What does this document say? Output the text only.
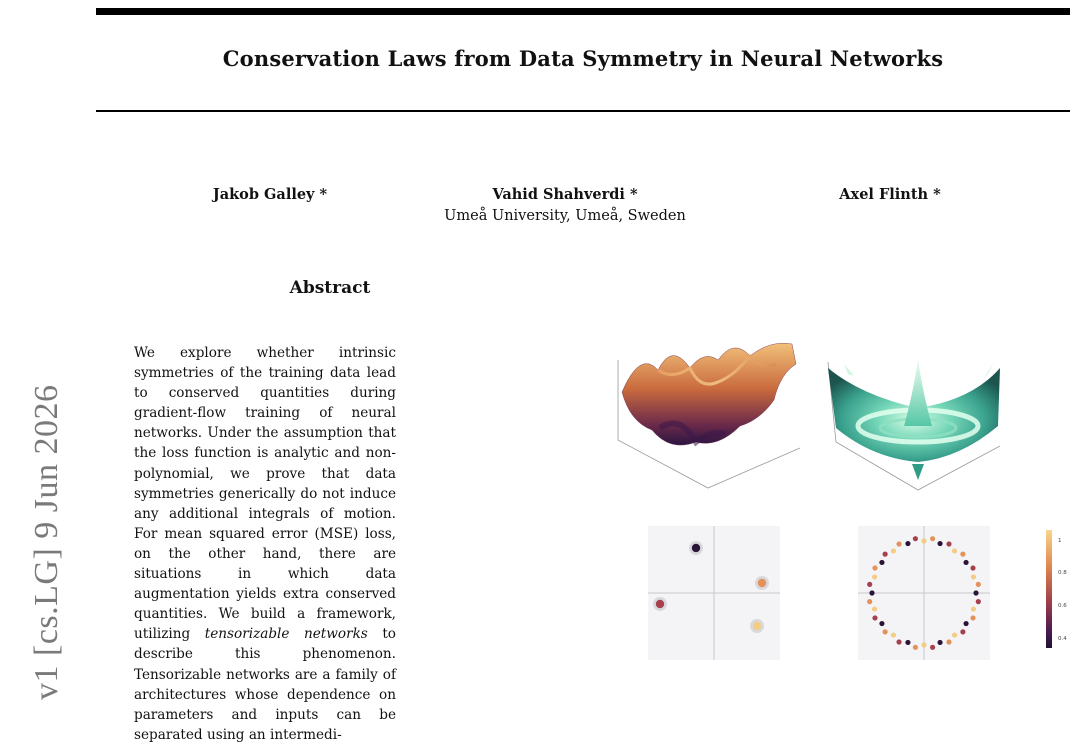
Conservation Laws from Data Symmetry in Neural Networks
Jakob Galley *	Vahid Shahverdi *	Axel Flinth *
Umeå University, Umeå, Sweden
Abstract
We explore whether intrinsic symmetries of the training data lead to conserved quantities during gradient-flow training of neural networks. Under the assumption that the loss function is analytic and non-polynomial, we prove that data symmetries generically do not induce any additional integrals of motion. For mean squared error (MSE) loss, on the other hand, there are situations in which data augmentation yields extra conserved quantities. We build a framework, utilizing tensorizable networks to describe this phenomenon. Tensorizable networks are a family of architectures whose dependence on parameters and inputs can be separated using an intermedi-
v1 [cs.LG] 9 Jun 2026	1
0.8
0.6
0.4
